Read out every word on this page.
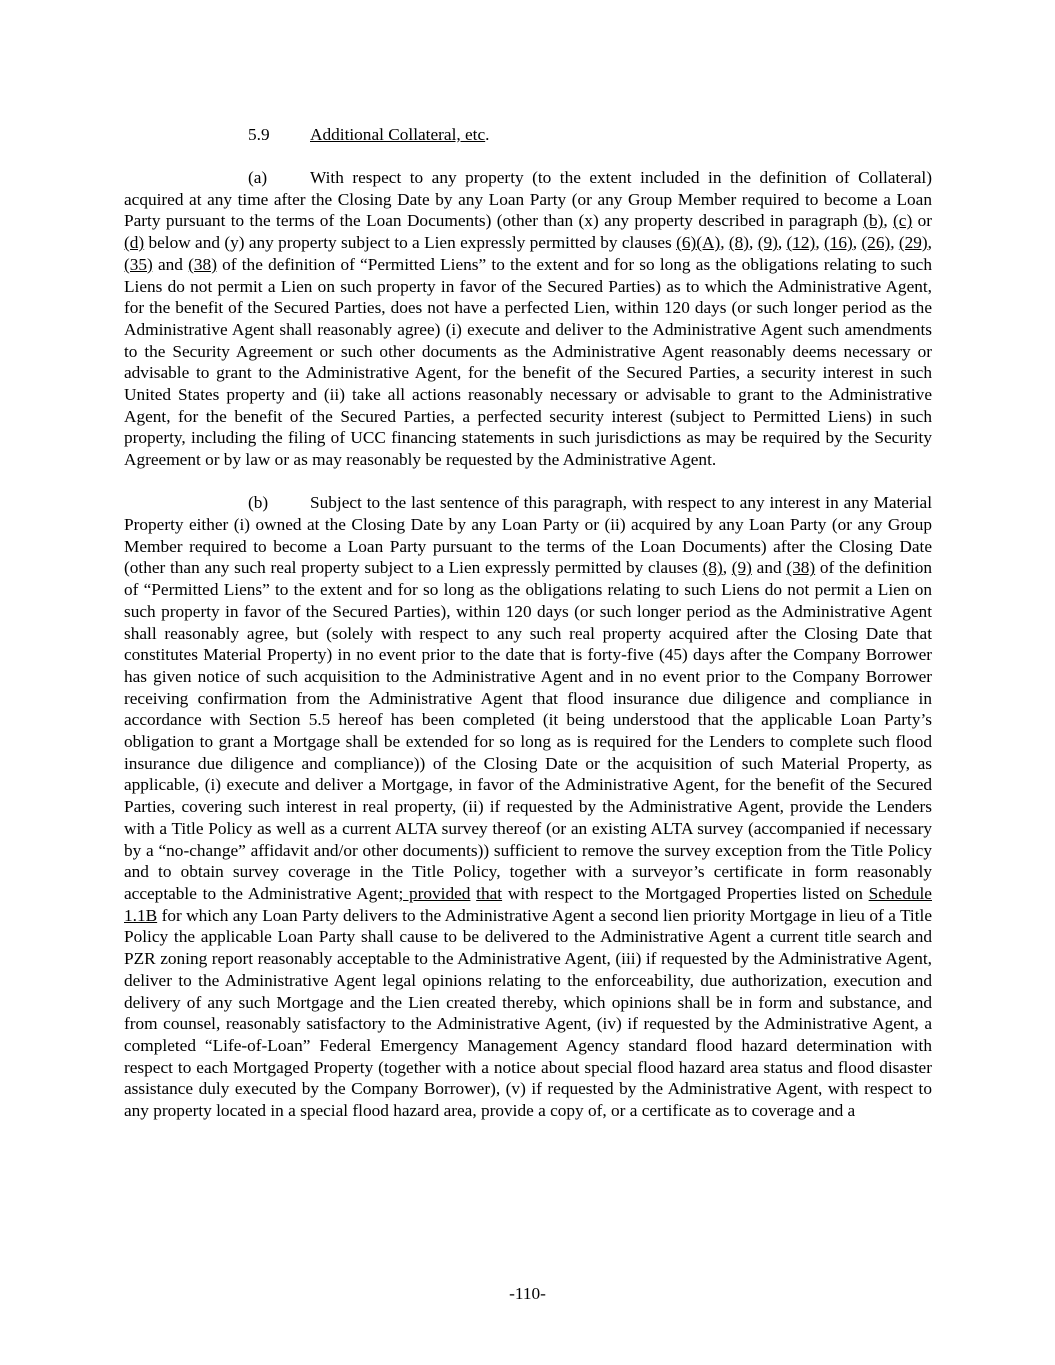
5.9 Additional Collateral, etc.

(a) With respect to any property (to the extent included in the definition of Collateral) acquired at any time after the Closing Date by any Loan Party (or any Group Member required to become a Loan Party pursuant to the terms of the Loan Documents) (other than (x) any property described in paragraph (b), (c) or (d) below and (y) any property subject to a Lien expressly permitted by clauses (6)(A), (8), (9), (12), (16), (26), (29), (35) and (38) of the definition of “Permitted Liens” to the extent and for so long as the obligations relating to such Liens do not permit a Lien on such property in favor of the Secured Parties) as to which the Administrative Agent, for the benefit of the Secured Parties, does not have a perfected Lien, within 120 days (or such longer period as the Administrative Agent shall reasonably agree) (i) execute and deliver to the Administrative Agent such amendments to the Security Agreement or such other documents as the Administrative Agent reasonably deems necessary or advisable to grant to the Administrative Agent, for the benefit of the Secured Parties, a security interest in such United States property and (ii) take all actions reasonably necessary or advisable to grant to the Administrative Agent, for the benefit of the Secured Parties, a perfected security interest (subject to Permitted Liens) in such property, including the filing of UCC financing statements in such jurisdictions as may be required by the Security Agreement or by law or as may reasonably be requested by the Administrative Agent.

(b) Subject to the last sentence of this paragraph, with respect to any interest in any Material Property either (i) owned at the Closing Date by any Loan Party or (ii) acquired by any Loan Party (or any Group Member required to become a Loan Party pursuant to the terms of the Loan Documents) after the Closing Date (other than any such real property subject to a Lien expressly permitted by clauses (8), (9) and (38) of the definition of “Permitted Liens” to the extent and for so long as the obligations relating to such Liens do not permit a Lien on such property in favor of the Secured Parties), within 120 days (or such longer period as the Administrative Agent shall reasonably agree, but (solely with respect to any such real property acquired after the Closing Date that constitutes Material Property) in no event prior to the date that is forty-five (45) days after the Company Borrower has given notice of such acquisition to the Administrative Agent and in no event prior to the Company Borrower receiving confirmation from the Administrative Agent that flood insurance due diligence and compliance in accordance with Section 5.5 hereof has been completed (it being understood that the applicable Loan Party’s obligation to grant a Mortgage shall be extended for so long as is required for the Lenders to complete such flood insurance due diligence and compliance)) of the Closing Date or the acquisition of such Material Property, as applicable, (i) execute and deliver a Mortgage, in favor of the Administrative Agent, for the benefit of the Secured Parties, covering such interest in real property, (ii) if requested by the Administrative Agent, provide the Lenders with a Title Policy as well as a current ALTA survey thereof (or an existing ALTA survey (accompanied if necessary by a “no-change” affidavit and/or other documents)) sufficient to remove the survey exception from the Title Policy and to obtain survey coverage in the Title Policy, together with a surveyor’s certificate in form reasonably acceptable to the Administrative Agent; provided that with respect to the Mortgaged Properties listed on Schedule 1.1B for which any Loan Party delivers to the Administrative Agent a second lien priority Mortgage in lieu of a Title Policy the applicable Loan Party shall cause to be delivered to the Administrative Agent a current title search and PZR zoning report reasonably acceptable to the Administrative Agent, (iii) if requested by the Administrative Agent, deliver to the Administrative Agent legal opinions relating to the enforceability, due authorization, execution and delivery of any such Mortgage and the Lien created thereby, which opinions shall be in form and substance, and from counsel, reasonably satisfactory to the Administrative Agent, (iv) if requested by the Administrative Agent, a completed “Life-of-Loan” Federal Emergency Management Agency standard flood hazard determination with respect to each Mortgaged Property (together with a notice about special flood hazard area status and flood disaster assistance duly executed by the Company Borrower), (v) if requested by the Administrative Agent, with respect to any property located in a special flood hazard area, provide a copy of, or a certificate as to coverage and a

-110-
